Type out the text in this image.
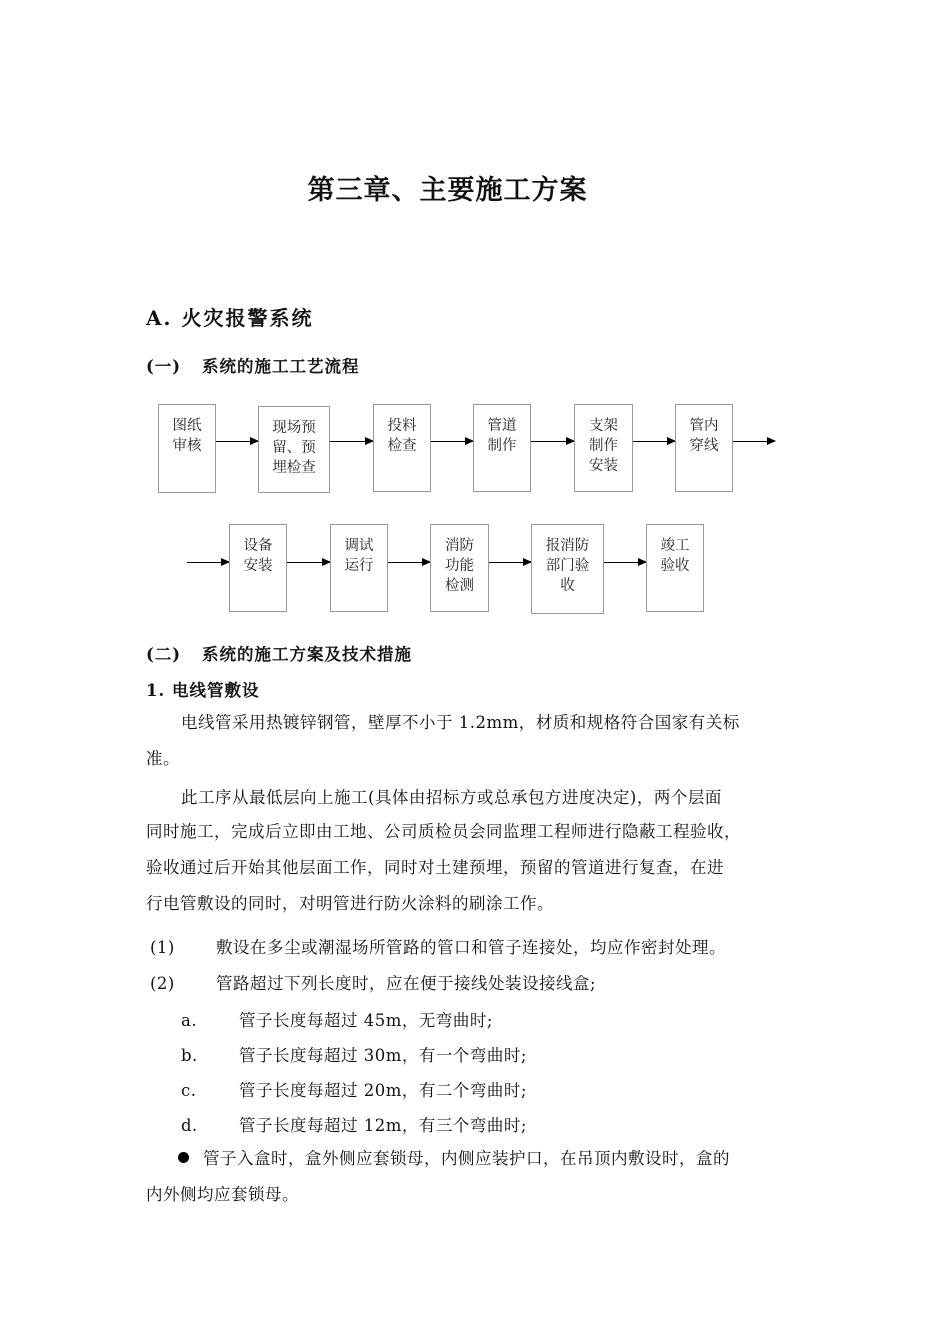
第三章、主要施工方案
A. 火灾报警系统
(一) 系统的施工工艺流程
图纸
审核
现场预
留、预
埋检查
投料
检查
管道
制作
支架
制作
安装
管内
穿线
设备
安装
调试
运行
消防
功能
检测
报消防
部门验
收
竣工
验收
(二) 系统的施工方案及技术措施
1. 电线管敷设
电线管采用热镀锌钢管，壁厚不小于 1.2mm，材质和规格符合国家有关标
准。
此工序从最低层向上施工(具体由招标方或总承包方进度决定)，两个层面
同时施工，完成后立即由工地、公司质检员会同监理工程师进行隐蔽工程验收，
验收通过后开始其他层面工作，同时对土建预埋，预留的管道进行复查，在进
行电管敷设的同时，对明管进行防火涂料的刷涂工作。
(1) 敷设在多尘或潮湿场所管路的管口和管子连接处，均应作密封处理。
(2) 管路超过下列长度时，应在便于接线处装设接线盒;
a.	管子长度每超过 45m，无弯曲时;
b. 管子长度每超过 30m，有一个弯曲时;
c.	管子长度每超过 20m，有二个弯曲时;
d. 管子长度每超过 12m，有三个弯曲时;
管子入盒时，盒外侧应套锁母，内侧应装护口，在吊顶内敷设时，盒的
内外侧均应套锁母。
